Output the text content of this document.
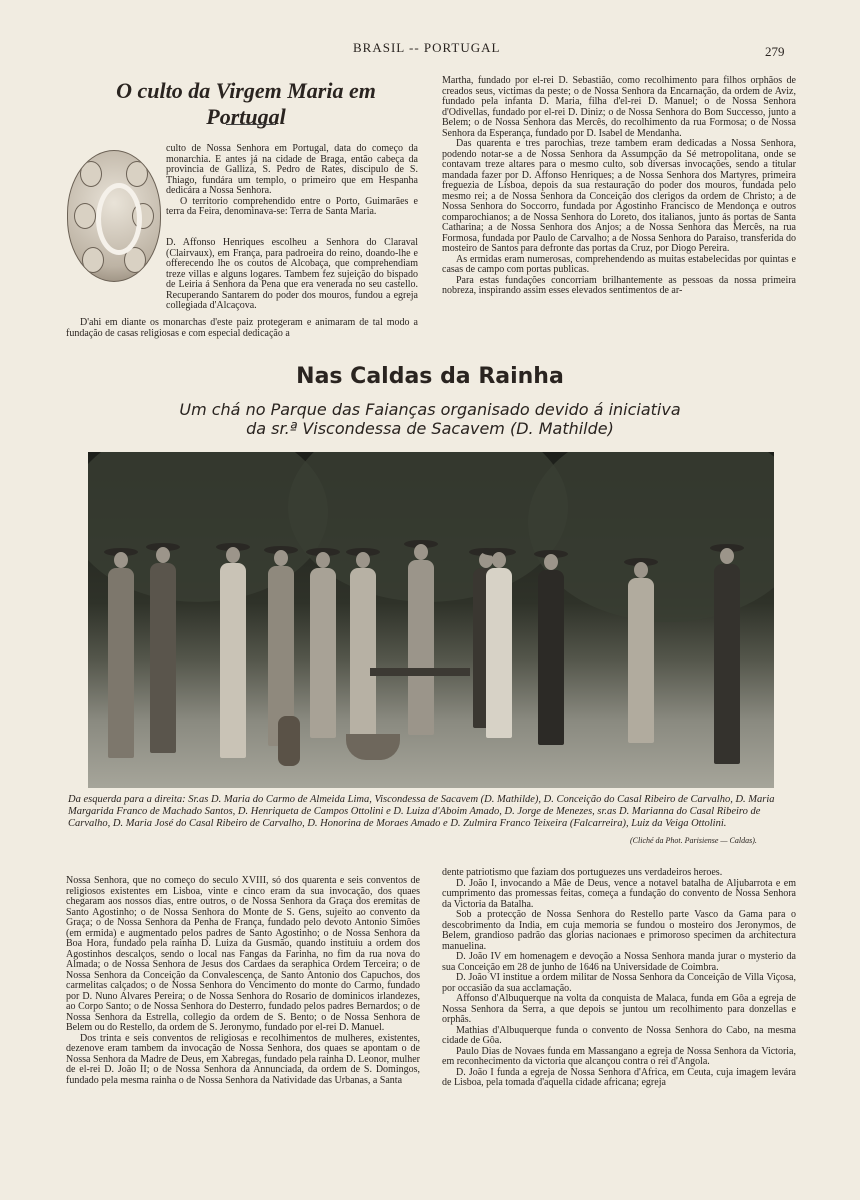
BRASIL -- PORTUGAL	279
O culto da Virgem Maria em Portugal

culto de Nossa Senhora em Portugal, data do começo da monarchia. E antes já na cidade de Braga, então cabeça da provincia de Galliza, S. Pedro de Rates, discipulo de S. Thiago, fundára um templo, o primeiro que em Hespanha dedicára a Nossa Senhora.

O territorio comprehendido entre o Porto, Guimarães e terra da Feira, denominava-se: Terra de Santa Maria.

D. Affonso Henriques escolheu a Senhora do Claraval (Clairvaux), em França, para padroeira do reino, doando-lhe e offerecendo lhe os coutos de Alcobaça, que comprehendiam treze villas e alguns logares. Tambem fez sujeição do bispado de Leiria á Senhora da Pena que era venerada no seu castello. Recuperando Santarem do poder dos mouros, fundou a egreja collegiada d'Alcaçova.

D'ahi em diante os monarchas d'este paiz protegeram e animaram de tal modo a fundação de casas religiosas e com especial dedicação a

Martha, fundado por el-rei D. Sebastião, como recolhimento para filhos orphãos de creados seus, victimas da peste; o de Nossa Senhora da Encarnação, da ordem de Aviz, fundado pela infanta D. Maria, filha d'el-rei D. Manuel; o de Nossa Senhora d'Odivellas, fundado por el-rei D. Diniz; o de Nossa Senhora do Bom Successo, junto a Belem; o de Nossa Senhora das Mercês, do recolhimento da rua Formosa; o de Nossa Senhora da Esperança, fundado por D. Isabel de Mendanha.

Das quarenta e tres parochias, treze tambem eram dedicadas a Nossa Senhora, podendo notar-se a de Nossa Senhora da Assumpção da Sé metropolitana, onde se contavam treze altares para o mesmo culto, sob diversas invocações, sendo a titular mandada fazer por D. Affonso Henriques; a de Nossa Senhora dos Martyres, primeira freguezia de Lisboa, depois da sua restauração do poder dos mouros, fundada pelo mesmo rei; a de Nossa Senhora da Conceição dos clerigos da ordem de Christo; a de Nossa Senhora do Soccorro, fundada por Agostinho Francisco de Mendonça e outros comparochianos; a de Nossa Senhora do Loreto, dos italianos, junto ás portas de Santa Catharina; a de Nossa Senhora dos Anjos; a de Nossa Senhora das Mercês, na rua Formosa, fundada por Paulo de Carvalho; a de Nossa Senhora do Paraiso, transferida do mosteiro de Santos para defronte das portas da Cruz, por Diogo Pereira.

As ermidas eram numerosas, comprehendendo as muitas estabelecidas por quintas e casas de campo com portas publicas.

Para estas fundações concorriam brilhantemente as pessoas da nossa primeira nobreza, inspirando assim esses elevados sentimentos de ar-

Nas Caldas da Rainha
Um chá no Parque das Faianças organisado devido á iniciativa
da sr.ª Viscondessa de Sacavem (D. Mathilde)
Da esquerda para a direita: Sr.as D. Maria do Carmo de Almeida Lima, Viscondessa de Sacavem (D. Mathilde), D. Conceição do Casal Ribeiro de Carvalho, D. Maria Margarida Franco de Machado Santos, D. Henriqueta de Campos Ottolini e D. Luiza d'Aboim Amado, D. Jorge de Menezes, sr.as D. Marianna do Casal Ribeiro de Carvalho, D. Maria José do Casal Ribeiro de Carvalho, D. Honorina de Moraes Amado e D. Zulmira Franco Teixeira (Falcarreira), Luiz da Veiga Ottolini.
(Cliché da Phot. Parisiense — Caldas).

Nossa Senhora, que no começo do seculo XVIII, só dos quarenta e seis conventos de religiosos existentes em Lisboa, vinte e cinco eram da sua invocação, dos quaes chegaram aos nossos dias, entre outros, o de Nossa Senhora da Graça dos eremitas de Santo Agostinho; o de Nossa Senhora do Monte de S. Gens, sujeito ao convento da Graça; o de Nossa Senhora da Penha de França, fundado pelo devoto Antonio Simões (em ermida) e augmentado pelos padres de Santo Agostinho; o de Nossa Senhora da Boa Hora, fundado pela rainha D. Luiza da Gusmão, quando instituiu a ordem dos Agostinhos descalços, sendo o local nas Fangas da Farinha, no fim da rua nova do Almada; o de Nossa Senhora de Jesus dos Cardaes da seraphica Ordem Terceira; o de Nossa Senhora da Conceição da Convalescença, de Santo Antonio dos Capuchos, dos carmelitas calçados; o de Nossa Senhora do Vencimento do monte do Carmo, fundado por D. Nuno Alvares Pereira; o de Nossa Senhora do Rosario de dominicos irlandezes, ao Corpo Santo; o de Nossa Senhora do Desterro, fundado pelos padres Bernardos; o de Nossa Senhora da Estrella, collegio da ordem de S. Bento; o de Nossa Senhora de Belem ou do Restello, da ordem de S. Jeronymo, fundado por el-rei D. Manuel.

Dos trinta e seis conventos de religiosas e recolhimentos de mulheres, existentes, dezenove eram tambem da invocação de Nossa Senhora, dos quaes se apontam o de Nossa Senhora da Madre de Deus, em Xabregas, fundado pela rainha D. Leonor, mulher de el-rei D. João II; o de Nossa Senhora da Annunciada, da ordem de S. Domingos, fundado pela mesma rainha o de Nossa Senhora da Natividade das Urbanas, a Santa

dente patriotismo que faziam dos portuguezes uns verdadeiros heroes.

D. João I, invocando a Mãe de Deus, vence a notavel batalha de Aljubarrota e em cumprimento das promessas feitas, começa a fundação do convento de Nossa Senhora da Victoria da Batalha.

Sob a protecção de Nossa Senhora do Restello parte Vasco da Gama para o descobrimento da India, em cuja memoria se fundou o mosteiro dos Jeronymos, de Belem, grandioso padrão das glorias nacionaes e primoroso specimen da architectura manuelina.

D. João IV em homenagem e devoção a Nossa Senhora manda jurar o mysterio da sua Conceição em 28 de junho de 1646 na Universidade de Coimbra.

D. João VI institue a ordem militar de Nossa Senhora da Conceição de Villa Viçosa, por occasião da sua acclamação.

Affonso d'Albuquerque na volta da conquista de Malaca, funda em Gôa a egreja de Nossa Senhora da Serra, a que depois se juntou um recolhimento para donzellas e orphãs.

Mathias d'Albuquerque funda o convento de Nossa Senhora do Cabo, na mesma cidade de Gôa.

Paulo Dias de Novaes funda em Massangano a egreja de Nossa Senhora da Victoria, em reconhecimento da victoria que alcançou contra o rei d'Angola.

D. João I funda a egreja de Nossa Senhora d'Africa, em Ceuta, cuja imagem levára de Lisboa, pela tomada d'aquella cidade africana; egreja
